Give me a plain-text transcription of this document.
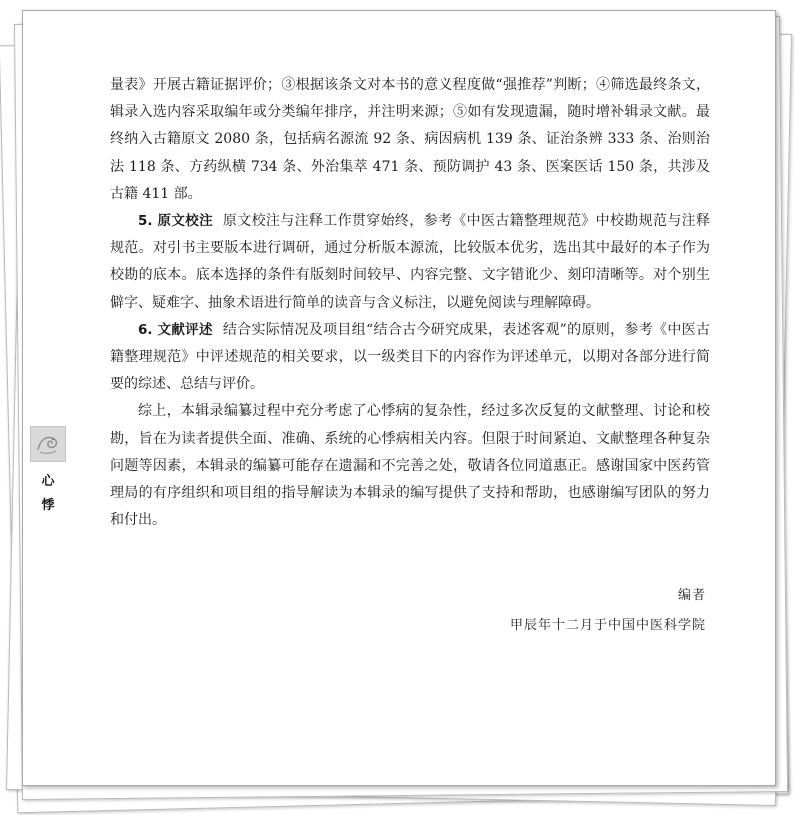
心
悸

量表》开展古籍证据评价；③根据该条文对本书的意义程度做“强推荐”判断；④筛选最终条文，辑录入选内容采取编年或分类编年排序，并注明来源；⑤如有发现遗漏，随时增补辑录文献。最终纳入古籍原文 2080 条，包括病名源流 92 条、病因病机 139 条、证治条辨 333 条、治则治法 118 条、方药纵横 734 条、外治集萃 471 条、预防调护 43 条、医案医话 150 条，共涉及古籍 411 部。

5. 原文校注 原文校注与注释工作贯穿始终，参考《中医古籍整理规范》中校勘规范与注释规范。对引书主要版本进行调研，通过分析版本源流，比较版本优劣，选出其中最好的本子作为校勘的底本。底本选择的条件有版刻时间较早、内容完整、文字错讹少、刻印清晰等。对个别生僻字、疑难字、抽象术语进行简单的读音与含义标注，以避免阅读与理解障碍。

6. 文献评述 结合实际情况及项目组“结合古今研究成果，表述客观”的原则，参考《中医古籍整理规范》中评述规范的相关要求，以一级类目下的内容作为评述单元，以期对各部分进行简要的综述、总结与评价。

综上，本辑录编纂过程中充分考虑了心悸病的复杂性，经过多次反复的文献整理、讨论和校勘，旨在为读者提供全面、准确、系统的心悸病相关内容。但限于时间紧迫、文献整理各种复杂问题等因素，本辑录的编纂可能存在遗漏和不完善之处，敬请各位同道惠正。感谢国家中医药管理局的有序组织和项目组的指导解读为本辑录的编写提供了支持和帮助，也感谢编写团队的努力和付出。

编者
甲辰年十二月于中国中医科学院
